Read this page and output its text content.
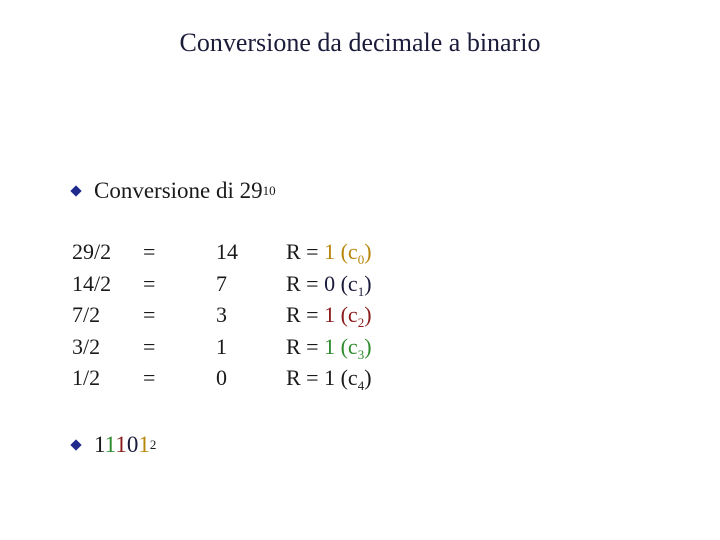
Conversione da decimale a binario
Conversione di 29 10
29/2 =	14 R = 1 $(c_0)$
14/2 =	7	R = 0 $(c_1)$
7/2 =	3	R = 1 $(c_2)$
3/2 =	1	R = 1 $(c_3)$
1/2 =	0	R = 1 $(c_4)$
11101 2
